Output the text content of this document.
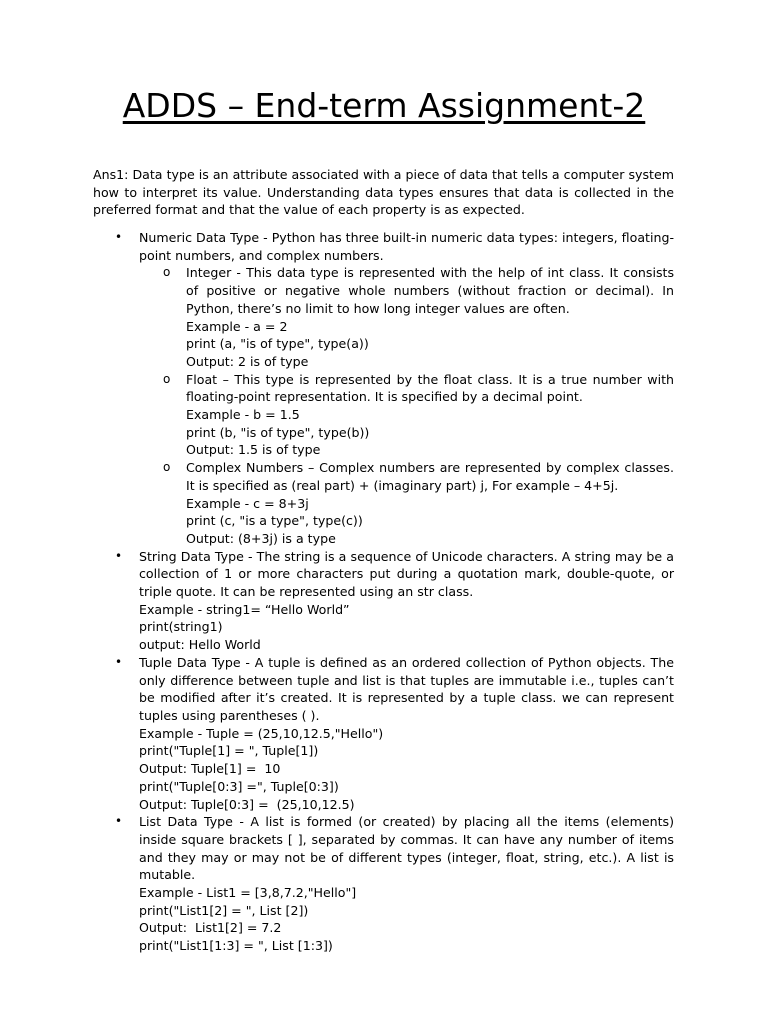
ADDS – End-term Assignment-2
Ans1: Data type is an attribute associated with a piece of data that tells a computer system how to interpret its value. Understanding data types ensures that data is collected in the preferred format and that the value of each property is as expected.
• Numeric Data Type - Python has three built-in numeric data types: integers, floating-point numbers, and complex numbers.
o Integer - This data type is represented with the help of int class. It consists of positive or negative whole numbers (without fraction or decimal). In Python, there’s no limit to how long integer values are often.
Example - a = 2
print (a, "is of type", type(a))
Output: 2 is of type
o Float – This type is represented by the float class. It is a true number with floating-point representation. It is specified by a decimal point.
Example - b = 1.5
print (b, "is of type", type(b))
Output: 1.5 is of type
o Complex Numbers – Complex numbers are represented by complex classes. It is specified as (real part) + (imaginary part) j, For example – 4+5j.
Example - c = 8+3j
print (c, "is a type", type(c))
Output: (8+3j) is a type
• String Data Type - The string is a sequence of Unicode characters. A string may be a collection of 1 or more characters put during a quotation mark, double-quote, or triple quote. It can be represented using an str class.
Example - string1= “Hello World”
print(string1)
output: Hello World
• Tuple Data Type - A tuple is defined as an ordered collection of Python objects. The only difference between tuple and list is that tuples are immutable i.e., tuples can’t be modified after it’s created. It is represented by a tuple class. we can represent tuples using parentheses ( ).
Example - Tuple = (25,10,12.5,"Hello")
print("Tuple[1] = ", Tuple[1])
Output: Tuple[1] =  10
print("Tuple[0:3] =", Tuple[0:3])
Output: Tuple[0:3] =  (25,10,12.5)
• List Data Type - A list is formed (or created) by placing all the items (elements) inside square brackets [ ], separated by commas. It can have any number of items and they may or may not be of different types (integer, float, string, etc.). A list is mutable.
Example - List1 = [3,8,7.2,"Hello"]
print("List1[2] = ", List [2])
Output:  List1[2] = 7.2
print("List1[1:3] = ", List [1:3])
